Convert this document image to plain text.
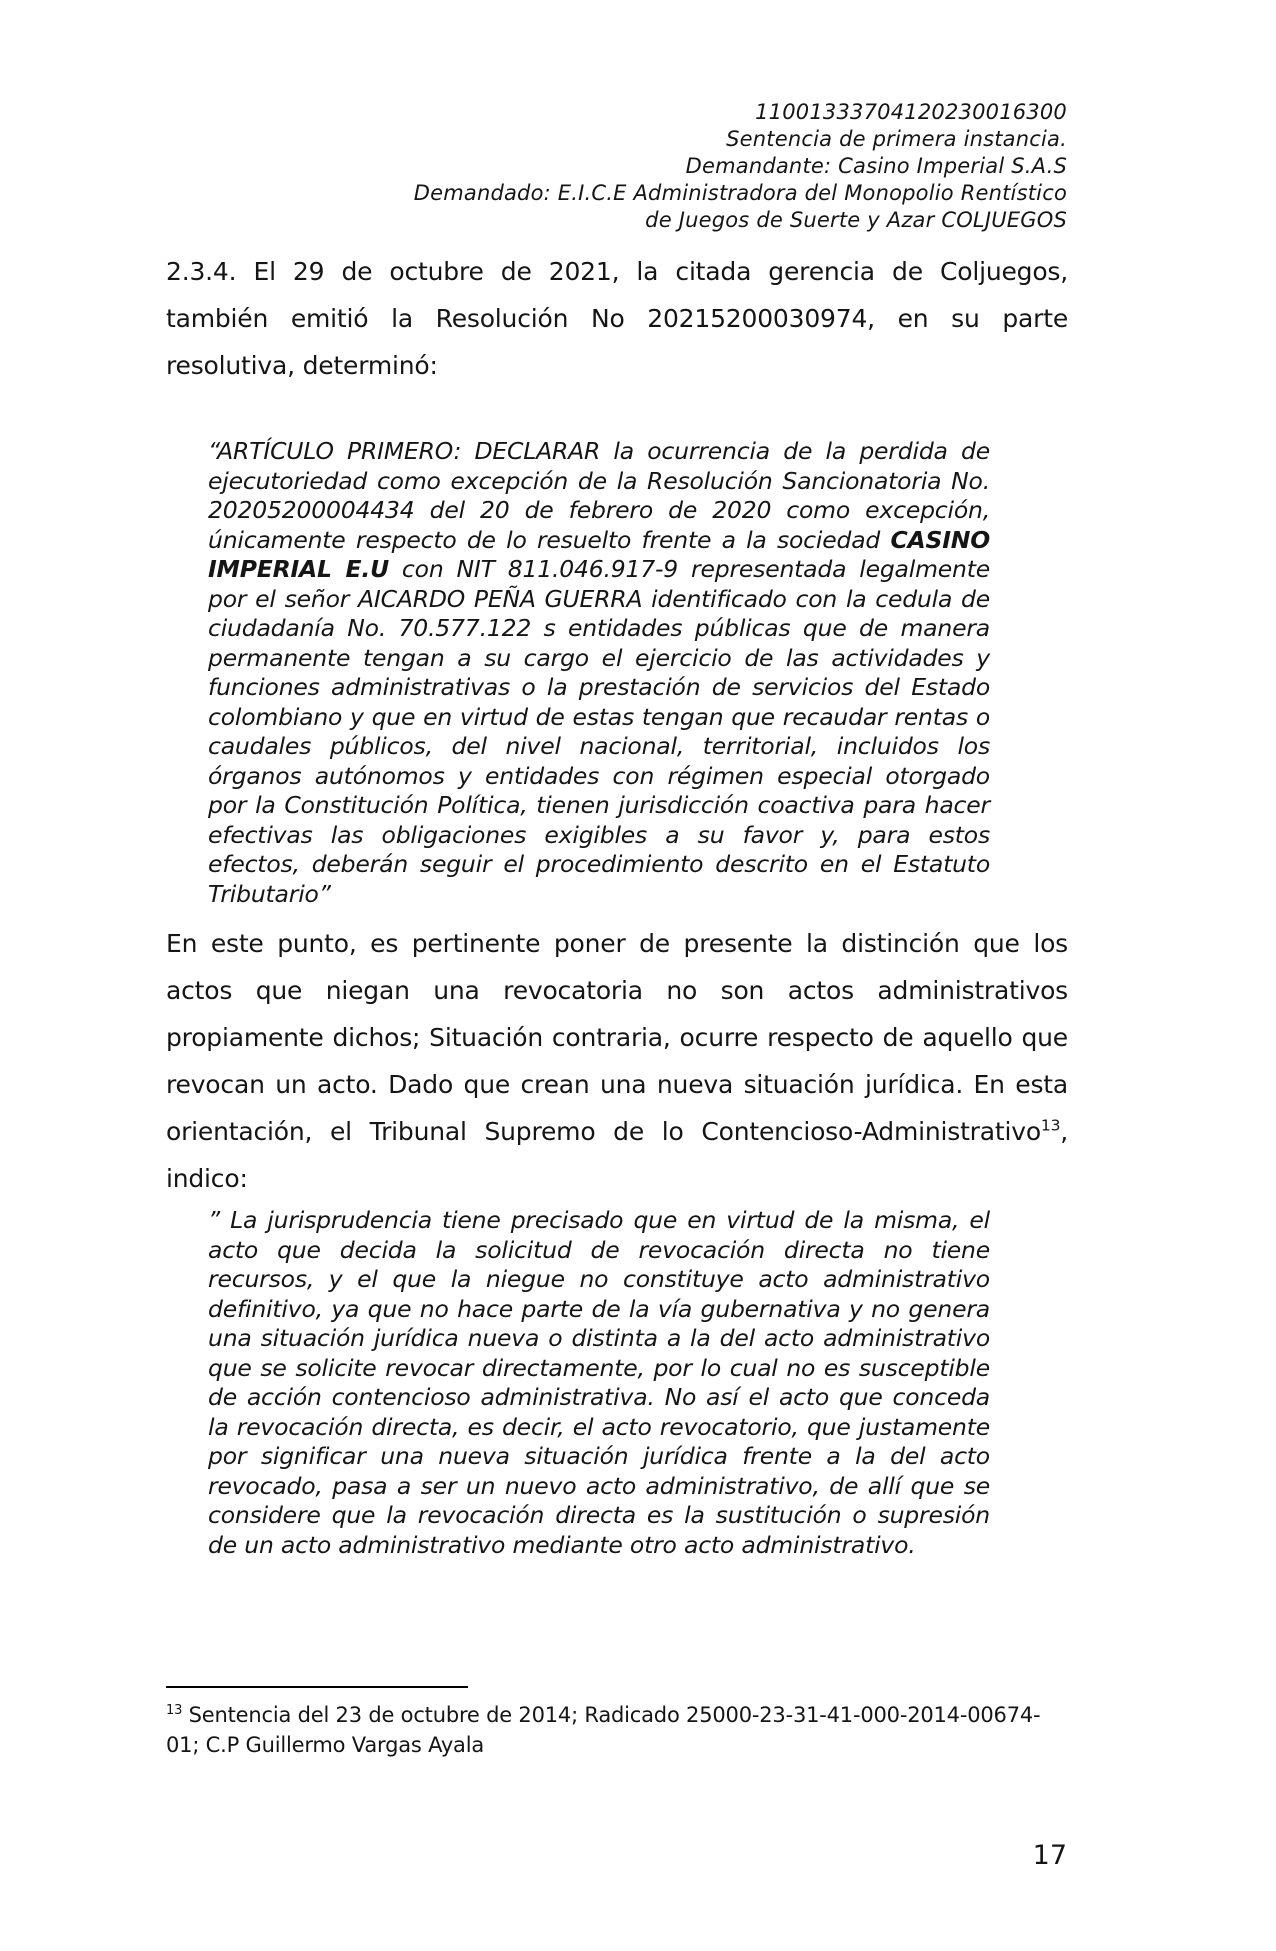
11001333704120230016300
Sentencia de primera instancia.
Demandante: Casino Imperial S.A.S
Demandado: E.I.C.E Administradora del Monopolio Rentístico
de Juegos de Suerte y Azar COLJUEGOS
2.3.4. El 29 de octubre de 2021, la citada gerencia de Coljuegos, también emitió la Resolución No 20215200030974, en su parte resolutiva, determinó:
“ARTÍCULO PRIMERO: DECLARAR la ocurrencia de la perdida de ejecutoriedad como excepción de la Resolución Sancionatoria No. 20205200004434 del 20 de febrero de 2020 como excepción, únicamente respecto de lo resuelto frente a la sociedad CASINO IMPERIAL E.U con NIT 811.046.917-9 representada legalmente por el señor AICARDO PEÑA GUERRA identificado con la cedula de ciudadanía No. 70.577.122 s entidades públicas que de manera permanente tengan a su cargo el ejercicio de las actividades y funciones administrativas o la prestación de servicios del Estado colombiano y que en virtud de estas tengan que recaudar rentas o caudales públicos, del nivel nacional, territorial, incluidos los órganos autónomos y entidades con régimen especial otorgado por la Constitución Política, tienen jurisdicción coactiva para hacer efectivas las obligaciones exigibles a su favor y, para estos efectos, deberán seguir el procedimiento descrito en el Estatuto Tributario”
En este punto, es pertinente poner de presente la distinción que los actos que niegan una revocatoria no son actos administrativos propiamente dichos; Situación contraria, ocurre respecto de aquello que revocan un acto. Dado que crean una nueva situación jurídica. En esta orientación, el Tribunal Supremo de lo Contencioso-Administrativo$^{13}$, indico:
” La jurisprudencia tiene precisado que en virtud de la misma, el acto que decida la solicitud de revocación directa no tiene recursos, y el que la niegue no constituye acto administrativo definitivo, ya que no hace parte de la vía gubernativa y no genera una situación jurídica nueva o distinta a la del acto administrativo que se solicite revocar directamente, por lo cual no es susceptible de acción contencioso administrativa. No así el acto que conceda la revocación directa, es decir, el acto revocatorio, que justamente por significar una nueva situación jurídica frente a la del acto revocado, pasa a ser un nuevo acto administrativo, de allí que se considere que la revocación directa es la sustitución o supresión de un acto administrativo mediante otro acto administrativo.
$^{13}$ Sentencia del 23 de octubre de 2014; Radicado 25000-23-31-41-000-2014-00674-01; C.P Guillermo Vargas Ayala
17
